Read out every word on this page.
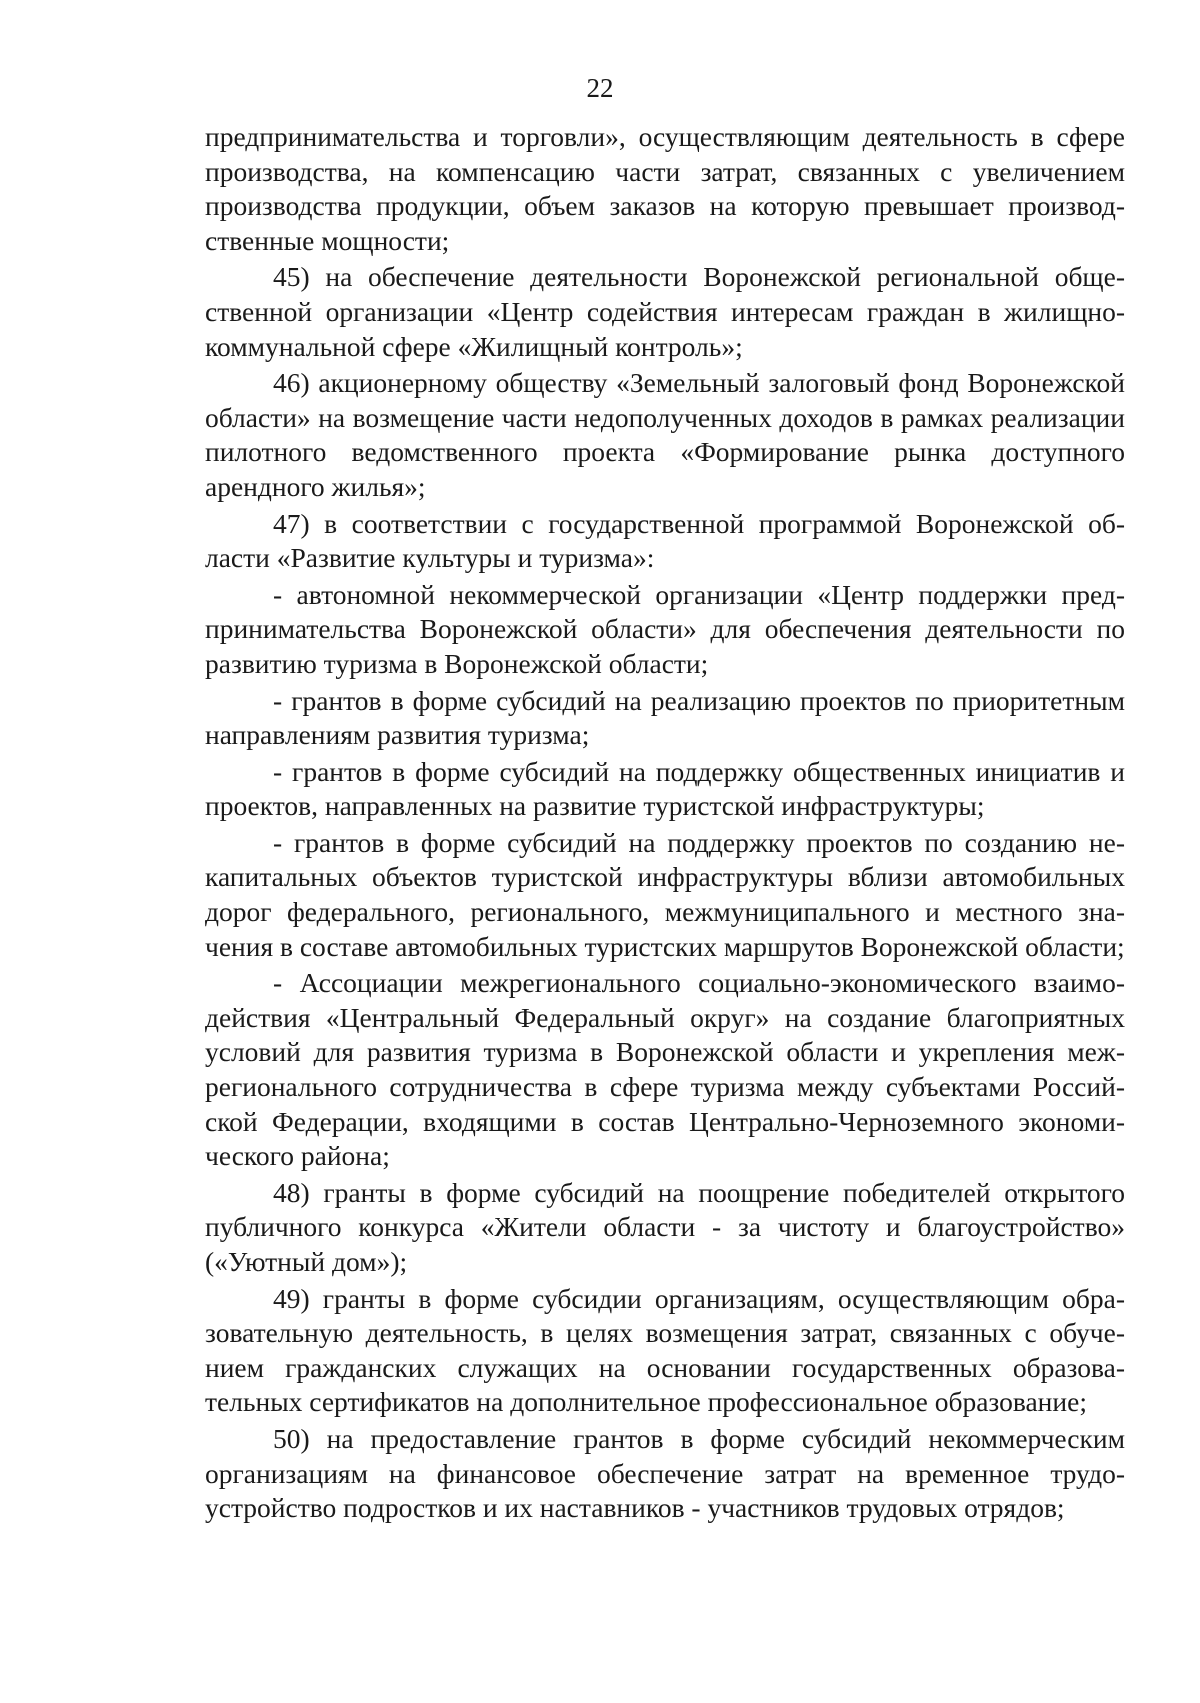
22

предпринимательства и торговли», осуществляющим деятельность в сфере производства, на компенсацию части затрат, связанных с увеличением производства продукции, объем заказов на которую превышает производственные мощности;

45) на обеспечение деятельности Воронежской региональной общественной организации «Центр содействия интересам граждан в жилищно-коммунальной сфере «Жилищный контроль»;

46) акционерному обществу «Земельный залоговый фонд Воронежской области» на возмещение части недополученных доходов в рамках реализации пилотного ведомственного проекта «Формирование рынка доступного арендного жилья»;

47) в соответствии с государственной программой Воронежской области «Развитие культуры и туризма»:

- автономной некоммерческой организации «Центр поддержки предпринимательства Воронежской области» для обеспечения деятельности по развитию туризма в Воронежской области;

- грантов в форме субсидий на реализацию проектов по приоритетным направлениям развития туризма;

- грантов в форме субсидий на поддержку общественных инициатив и проектов, направленных на развитие туристской инфраструктуры;

- грантов в форме субсидий на поддержку проектов по созданию некапитальных объектов туристской инфраструктуры вблизи автомобильных дорог федерального, регионального, межмуниципального и местного значения в составе автомобильных туристских маршрутов Воронежской области;

- Ассоциации межрегионального социально-экономического взаимодействия «Центральный Федеральный округ» на создание благоприятных условий для развития туризма в Воронежской области и укрепления межрегионального сотрудничества в сфере туризма между субъектами Российской Федерации, входящими в состав Центрально-Черноземного экономического района;

48) гранты в форме субсидий на поощрение победителей открытого публичного конкурса «Жители области - за чистоту и благоустройство» («Уютный дом»);

49) гранты в форме субсидии организациям, осуществляющим образовательную деятельность, в целях возмещения затрат, связанных с обучением гражданских служащих на основании государственных образовательных сертификатов на дополнительное профессиональное образование;

50) на предоставление грантов в форме субсидий некоммерческим организациям на финансовое обеспечение затрат на временное трудоустройство подростков и их наставников - участников трудовых отрядов;
